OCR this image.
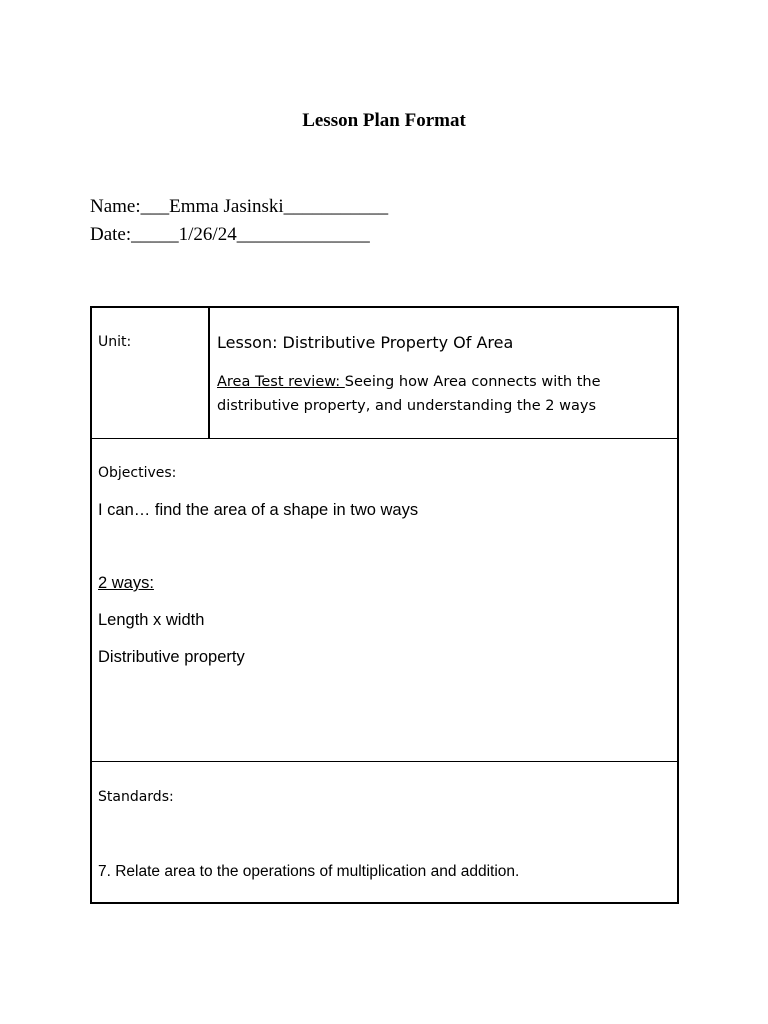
Lesson Plan Format
Name:___Emma Jasinski___________
Date:_____1/26/24______________
Unit:	Lesson: Distributive Property Of Area
Area Test review: Seeing how Area connects with the distributive property, and understanding the 2 ways
Objectives:
I can… find the area of a shape in two ways
2 ways:
Length x width
Distributive property
Standards:
7. Relate area to the operations of multiplication and addition.
